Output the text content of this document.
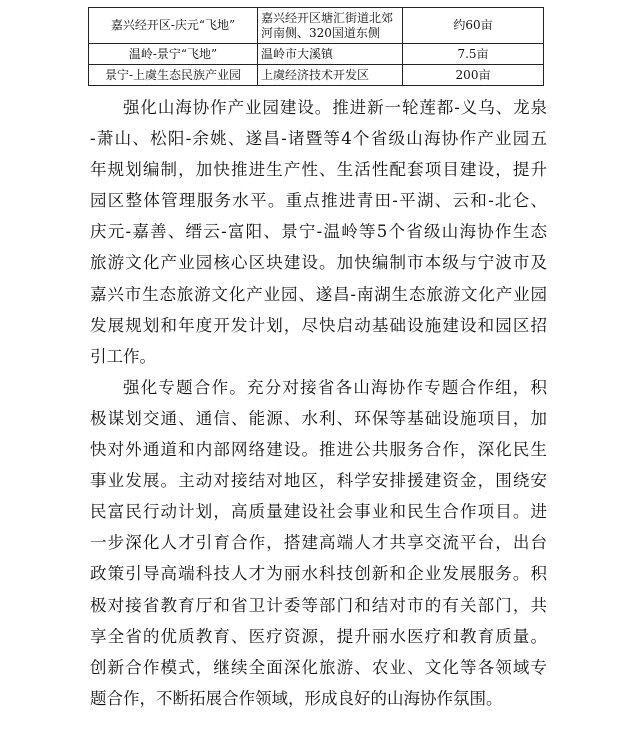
嘉兴经开区-庆元“飞地”	嘉兴经开区塘汇街道北郊河南侧、320国道东侧	约60亩
温岭-景宁“飞地”	温岭市大溪镇	7.5亩
景宁-上虞生态民族产业园	上虞经济技术开发区	200亩
强化山海协作产业园建设。推进新一轮莲都-义乌、龙泉
-萧山、松阳-余姚、遂昌-诸暨等4个省级山海协作产业园五
年规划编制，加快推进生产性、生活性配套项目建设，提升
园区整体管理服务水平。重点推进青田-平湖、云和-北仑、
庆元-嘉善、缙云-富阳、景宁-温岭等5个省级山海协作生态
旅游文化产业园核心区块建设。加快编制市本级与宁波市及
嘉兴市生态旅游文化产业园、遂昌-南湖生态旅游文化产业园
发展规划和年度开发计划，尽快启动基础设施建设和园区招
引工作。
强化专题合作。充分对接省各山海协作专题合作组，积
极谋划交通、通信、能源、水利、环保等基础设施项目，加
快对外通道和内部网络建设。推进公共服务合作，深化民生
事业发展。主动对接结对地区，科学安排援建资金，围绕安
民富民行动计划，高质量建设社会事业和民生合作项目。进
一步深化人才引育合作，搭建高端人才共享交流平台，出台
政策引导高端科技人才为丽水科技创新和企业发展服务。积
极对接省教育厅和省卫计委等部门和结对市的有关部门，共
享全省的优质教育、医疗资源，提升丽水医疗和教育质量。
创新合作模式，继续全面深化旅游、农业、文化等各领域专
题合作，不断拓展合作领域，形成良好的山海协作氛围。
